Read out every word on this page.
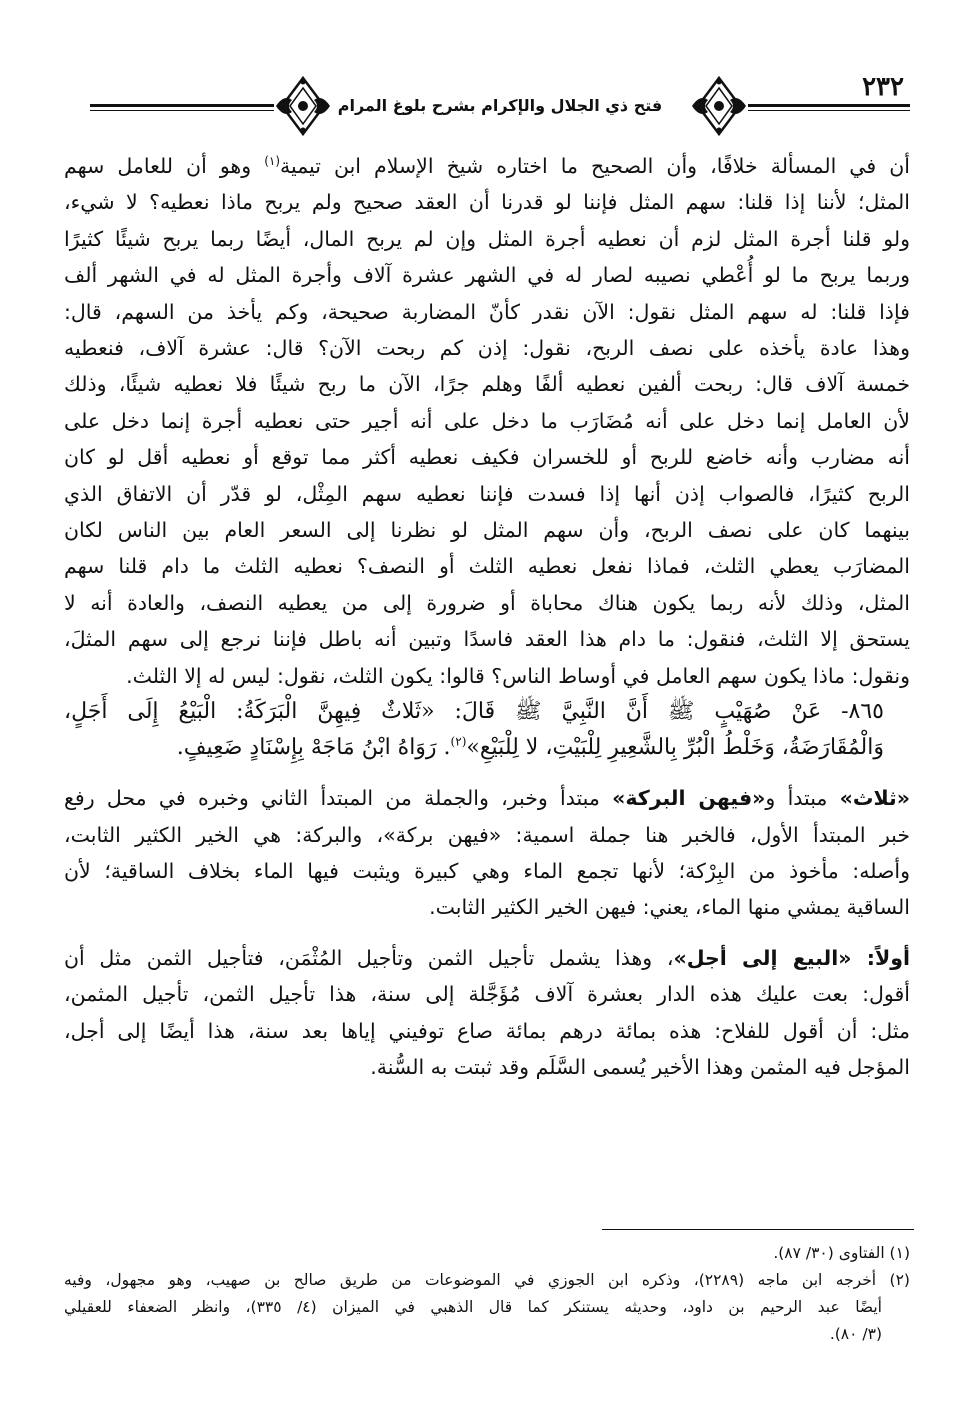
٢٣٢
فتح ذي الجلال والإكرام بشرح بلوغ المرام

أن في المسألة خلافًا، وأن الصحيح ما اختاره شيخ الإسلام ابن تيمية$^{(١)}$ وهو أن للعامل سهم

المثل؛ لأننا إذا قلنا: سهم المثل فإننا لو قدرنا أن العقد صحيح ولم يربح ماذا نعطيه؟ لا شيء،

ولو قلنا أجرة المثل لزم أن نعطيه أجرة المثل وإن لم يربح المال، أيضًا ربما يربح شيئًا كثيرًا

وربما يربح ما لو أُعْطي نصيبه لصار له في الشهر عشرة آلاف وأجرة المثل له في الشهر ألف

فإذا قلنا: له سهم المثل نقول: الآن نقدر كأنّ المضاربة صحيحة، وكم يأخذ من السهم، قال:

وهذا عادة يأخذه على نصف الربح، نقول: إذن كم ربحت الآن؟ قال: عشرة آلاف، فنعطيه

خمسة آلاف قال: ربحت ألفين نعطيه ألفًا وهلم جرًا، الآن ما ربح شيئًا فلا نعطيه شيئًا، وذلك

لأن العامل إنما دخل على أنه مُضَارَب ما دخل على أنه أجير حتى نعطيه أجرة إنما دخل على

أنه مضارب وأنه خاضع للربح أو للخسران فكيف نعطيه أكثر مما توقع أو نعطيه أقل لو كان

الربح كثيرًا، فالصواب إذن أنها إذا فسدت فإننا نعطيه سهم المِثْل، لو قدّر أن الاتفاق الذي

بينهما كان على نصف الربح، وأن سهم المثل لو نظرنا إلى السعر العام بين الناس لكان

المضارَب يعطي الثلث، فماذا نفعل نعطيه الثلث أو النصف؟ نعطيه الثلث ما دام قلنا سهم

المثل، وذلك لأنه ربما يكون هناك محاباة أو ضرورة إلى من يعطيه النصف، والعادة أنه لا

يستحق إلا الثلث، فنقول: ما دام هذا العقد فاسدًا وتبين أنه باطل فإننا نرجع إلى سهم المثلَ،

ونقول: ماذا يكون سهم العامل في أوساط الناس؟ قالوا: يكون الثلث، نقول: ليس له إلا الثلث.

٨٦٥- عَنْ صُهَيْبٍ ﷺ أَنَّ النَّبِيَّ ﷺ قَالَ: «ثَلاثٌ فِيهِنَّ الْبَرَكَةُ: الْبَيْعُ إِلَى أَجَلٍ،

وَالْمُقَارَضَةُ، وَخَلْطُ الْبُرِّ بِالشَّعِيرِ لِلْبَيْتِ، لا لِلْبَيْعِ»$^{(٢)}$. رَوَاهُ ابْنُ مَاجَهْ بِإِسْنَادٍ ضَعِيفٍ.

«ثلاث» مبتدأ و«فيهن البركة» مبتدأ وخبر، والجملة من المبتدأ الثاني وخبره في محل رفع

خبر المبتدأ الأول، فالخبر هنا جملة اسمية: «فيهن بركة»، والبركة: هي الخير الكثير الثابت،

وأصله: مأخوذ من البِرْكة؛ لأنها تجمع الماء وهي كبيرة ويثبت فيها الماء بخلاف الساقية؛ لأن

الساقية يمشي منها الماء، يعني: فيهن الخير الكثير الثابت.

أولاً: «البيع إلى أجل»، وهذا يشمل تأجيل الثمن وتأجيل المُثْمَن، فتأجيل الثمن مثل أن

أقول: بعت عليك هذه الدار بعشرة آلاف مُؤَجَّلة إلى سنة، هذا تأجيل الثمن، تأجيل المثمن،

مثل: أن أقول للفلاح: هذه بمائة درهم بمائة صاع توفيني إياها بعد سنة، هذا أيضًا إلى أجل،

المؤجل فيه المثمن وهذا الأخير يُسمى السَّلَم وقد ثبتت به السُّنة.

(١) الفتاوى (٣٠/ ٨٧).

(٢) أخرجه ابن ماجه (٢٢٨٩)، وذكره ابن الجوزي في الموضوعات من طريق صالح بن صهيب، وهو مجهول، وفيه

أيضًا عبد الرحيم بن داود، وحديثه يستنكر كما قال الذهبي في الميزان (٤/ ٣٣٥)، وانظر الضعفاء للعقيلي

(٣/ ٨٠).
